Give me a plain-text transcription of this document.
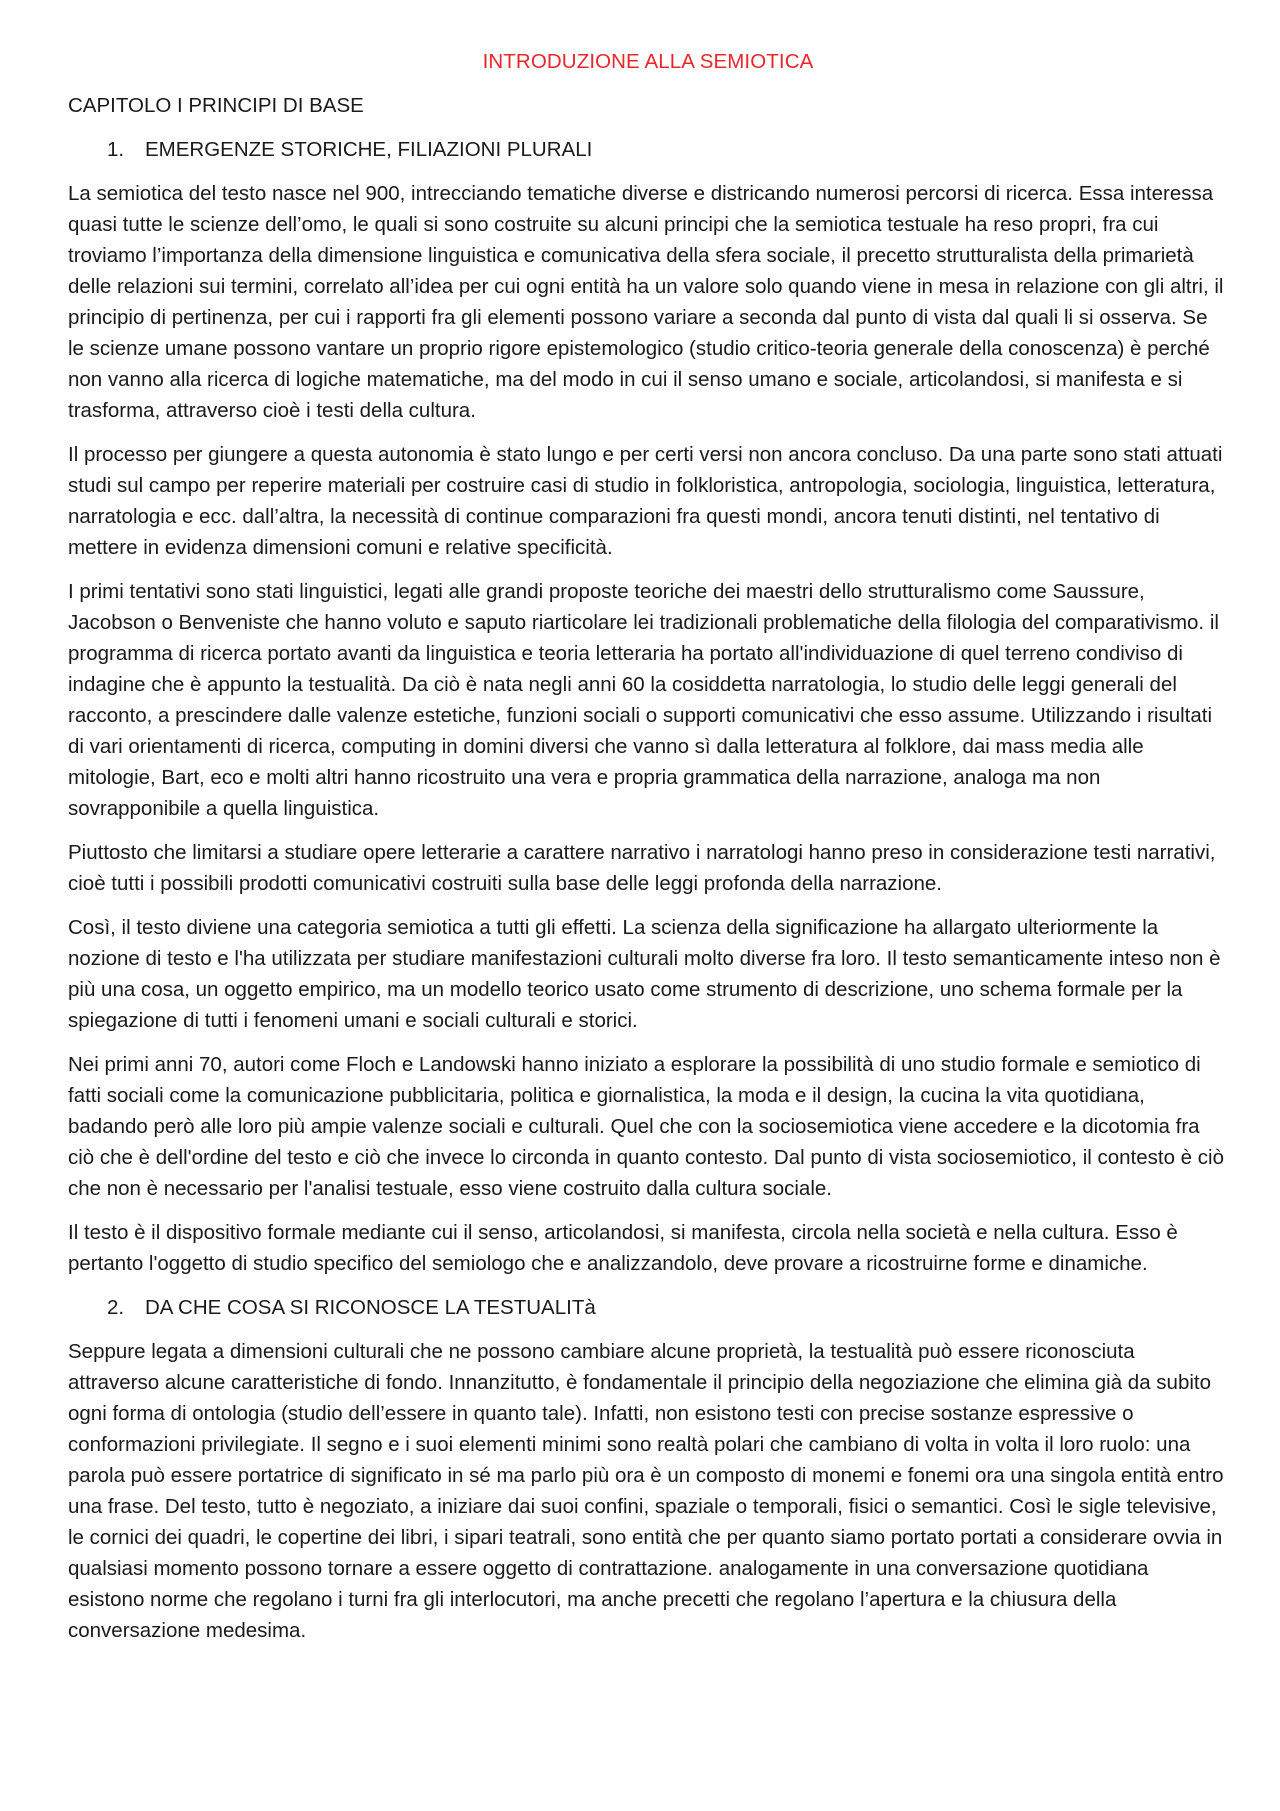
INTRODUZIONE ALLA SEMIOTICA
CAPITOLO I PRINCIPI DI BASE
1. EMERGENZE STORICHE, FILIAZIONI PLURALI

La semiotica del testo nasce nel 900, intrecciando tematiche diverse e districando numerosi percorsi di ricerca. Essa interessa quasi tutte le scienze dell’omo, le quali si sono costruite su alcuni principi che la semiotica testuale ha reso propri, fra cui troviamo l’importanza della dimensione linguistica e comunicativa della sfera sociale, il precetto strutturalista della primarietà delle relazioni sui termini, correlato all’idea per cui ogni entità ha un valore solo quando viene in mesa in relazione con gli altri, il principio di pertinenza, per cui i rapporti fra gli elementi possono variare a seconda dal punto di vista dal quali li si osserva. Se le scienze umane possono vantare un proprio rigore epistemologico (studio critico-teoria generale della conoscenza) è perché non vanno alla ricerca di logiche matematiche, ma del modo in cui il senso umano e sociale, articolandosi, si manifesta e si trasforma, attraverso cioè i testi della cultura.

Il processo per giungere a questa autonomia è stato lungo e per certi versi non ancora concluso. Da una parte sono stati attuati studi sul campo per reperire materiali per costruire casi di studio in folkloristica, antropologia, sociologia, linguistica, letteratura, narratologia e ecc. dall’altra, la necessità di continue comparazioni fra questi mondi, ancora tenuti distinti, nel tentativo di mettere in evidenza dimensioni comuni e relative specificità.

I primi tentativi sono stati linguistici, legati alle grandi proposte teoriche dei maestri dello strutturalismo come Saussure, Jacobson o Benveniste che hanno voluto e saputo riarticolare lei tradizionali problematiche della filologia del comparativismo. il programma di ricerca portato avanti da linguistica e teoria letteraria ha portato all'individuazione di quel terreno condiviso di indagine che è appunto la testualità. Da ciò è nata negli anni 60 la cosiddetta narratologia, lo studio delle leggi generali del racconto, a prescindere dalle valenze estetiche, funzioni sociali o supporti comunicativi che esso assume. Utilizzando i risultati di vari orientamenti di ricerca, computing in domini diversi che vanno sì dalla letteratura al folklore, dai mass media alle mitologie, Bart, eco e molti altri hanno ricostruito una vera e propria grammatica della narrazione, analoga ma non sovrapponibile a quella linguistica.

Piuttosto che limitarsi a studiare opere letterarie a carattere narrativo i narratologi hanno preso in considerazione testi narrativi, cioè tutti i possibili prodotti comunicativi costruiti sulla base delle leggi profonda della narrazione.

Così, il testo diviene una categoria semiotica a tutti gli effetti. La scienza della significazione ha allargato ulteriormente la nozione di testo e l'ha utilizzata per studiare manifestazioni culturali molto diverse fra loro. Il testo semanticamente inteso non è più una cosa, un oggetto empirico, ma un modello teorico usato come strumento di descrizione, uno schema formale per la spiegazione di tutti i fenomeni umani e sociali culturali e storici.

Nei primi anni 70, autori come Floch e Landowski hanno iniziato a esplorare la possibilità di uno studio formale e semiotico di fatti sociali come la comunicazione pubblicitaria, politica e giornalistica, la moda e il design, la cucina la vita quotidiana, badando però alle loro più ampie valenze sociali e culturali. Quel che con la sociosemiotica viene accedere e la dicotomia fra ciò che è dell'ordine del testo e ciò che invece lo circonda in quanto contesto. Dal punto di vista sociosemiotico, il contesto è ciò che non è necessario per l'analisi testuale, esso viene costruito dalla cultura sociale.

Il testo è il dispositivo formale mediante cui il senso, articolandosi, si manifesta, circola nella società e nella cultura. Esso è pertanto l'oggetto di studio specifico del semiologo che e analizzandolo, deve provare a ricostruirne forme e dinamiche.

2. DA CHE COSA SI RICONOSCE LA TESTUALITà

Seppure legata a dimensioni culturali che ne possono cambiare alcune proprietà, la testualità può essere riconosciuta attraverso alcune caratteristiche di fondo. Innanzitutto, è fondamentale il principio della negoziazione che elimina già da subito ogni forma di ontologia (studio dell’essere in quanto tale). Infatti, non esistono testi con precise sostanze espressive o conformazioni privilegiate. Il segno e i suoi elementi minimi sono realtà polari che cambiano di volta in volta il loro ruolo: una parola può essere portatrice di significato in sé ma parlo più ora è un composto di monemi e fonemi ora una singola entità entro una frase. Del testo, tutto è negoziato, a iniziare dai suoi confini, spaziale o temporali, fisici o semantici. Così le sigle televisive, le cornici dei quadri, le copertine dei libri, i sipari teatrali, sono entità che per quanto siamo portato portati a considerare ovvia in qualsiasi momento possono tornare a essere oggetto di contrattazione. analogamente in una conversazione quotidiana esistono norme che regolano i turni fra gli interlocutori, ma anche precetti che regolano l’apertura e la chiusura della conversazione medesima.
